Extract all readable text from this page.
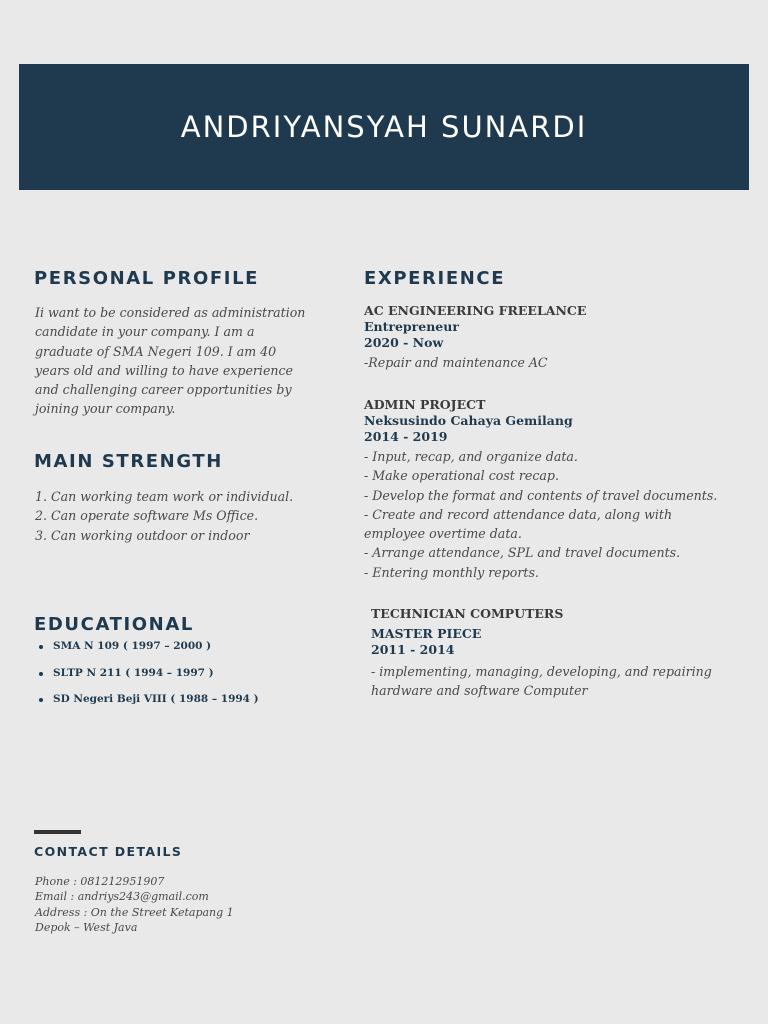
ANDRIYANSYAH SUNARDI
PERSONAL PROFILE
Ii want to be considered as administration
candidate in your company. I am a
graduate of SMA Negeri 109. I am 40
years old and willing to have experience
and challenging career opportunities by
joining your company.
MAIN STRENGTH
1. Can working team work or individual.
2. Can operate software Ms Office.
3. Can working outdoor or indoor
EDUCATIONAL
SMA N 109 ( 1997 – 2000 )
SLTP N 211 ( 1994 – 1997 )
SD Negeri Beji VIII ( 1988 – 1994 )
EXPERIENCE
AC ENGINEERING FREELANCE
Entrepreneur
2020 - Now
-Repair and maintenance AC
ADMIN PROJECT
Neksusindo Cahaya Gemilang
2014 - 2019
- Input, recap, and organize data.
- Make operational cost recap.
- Develop the format and contents of travel documents.
- Create and record attendance data, along with
employee overtime data.
- Arrange attendance, SPL and travel documents.
- Entering monthly reports.
TECHNICIAN COMPUTERS
MASTER PIECE
2011 - 2014
- implementing, managing, developing, and repairing
hardware and software Computer
CONTACT DETAILS
Phone : 081212951907
Email : andriys243@gmail.com
Address : On the Street Ketapang 1
Depok – West Java
